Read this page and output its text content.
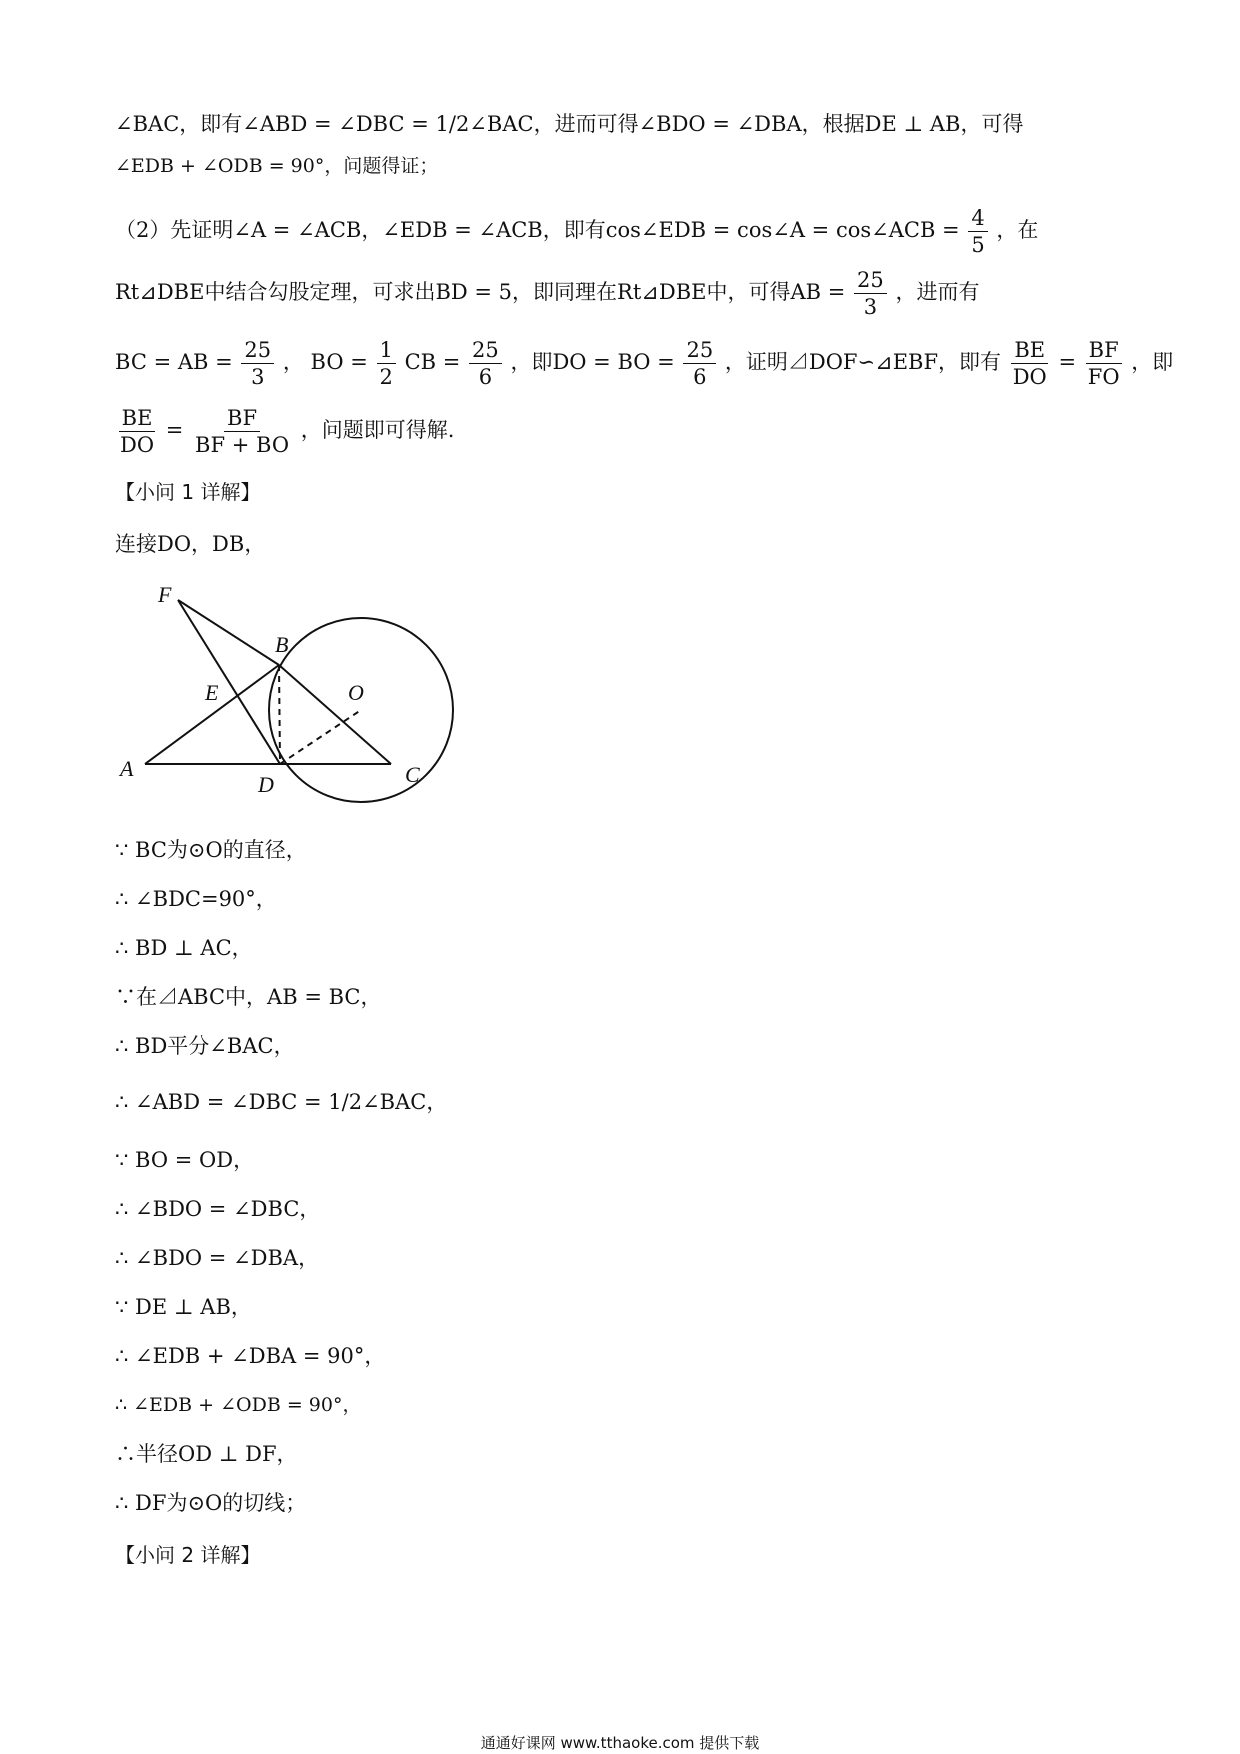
∠BAC，即有∠ABD = ∠DBC = 1/2∠BAC，进而可得∠BDO = ∠DBA，根据DE ⊥ AB，可得
∠EDB + ∠ODB = 90°，问题得证；
（2）先证明∠A = ∠ACB，∠EDB = ∠ACB，即有cos∠EDB = cos∠A = cos∠ACB = $\frac{4}{5}$ ，在
Rt⊿DBE中结合勾股定理，可求出BD = 5，即同理在Rt⊿DBE中，可得AB = $\frac{25}{3}$ ，进而有
BC = AB = $\frac{25}{3}$ ， BO = $\frac{1}{2}$ CB = $\frac{25}{6}$ ，即DO = BO = $\frac{25}{6}$ ，证明⊿DOF∽⊿EBF，即有 $\frac{BE}{DO} = \frac{BF}{FO}$ ，即
$\frac{BE}{DO} = \frac{BF}{BF + BO}$ ，问题即可得解.
【小问 1 详解】
连接DO，DB，
F
B
E	O
A
D	C
∵ BC为⊙O的直径，
∴ ∠BDC=90°，
∴ BD ⊥ AC，
∵在⊿ABC中，AB = BC，
∴ BD平分∠BAC，
∴ ∠ABD = ∠DBC = 1/2∠BAC，
∵ BO = OD，
∴ ∠BDO = ∠DBC，
∴ ∠BDO = ∠DBA，
∵ DE ⊥ AB，
∴ ∠EDB + ∠DBA = 90°，
∴ ∠EDB + ∠ODB = 90°，
∴半径OD ⊥ DF，
∴ DF为⊙O的切线；
【小问 2 详解】
通通好课网 www.tthaoke.com 提供下载
